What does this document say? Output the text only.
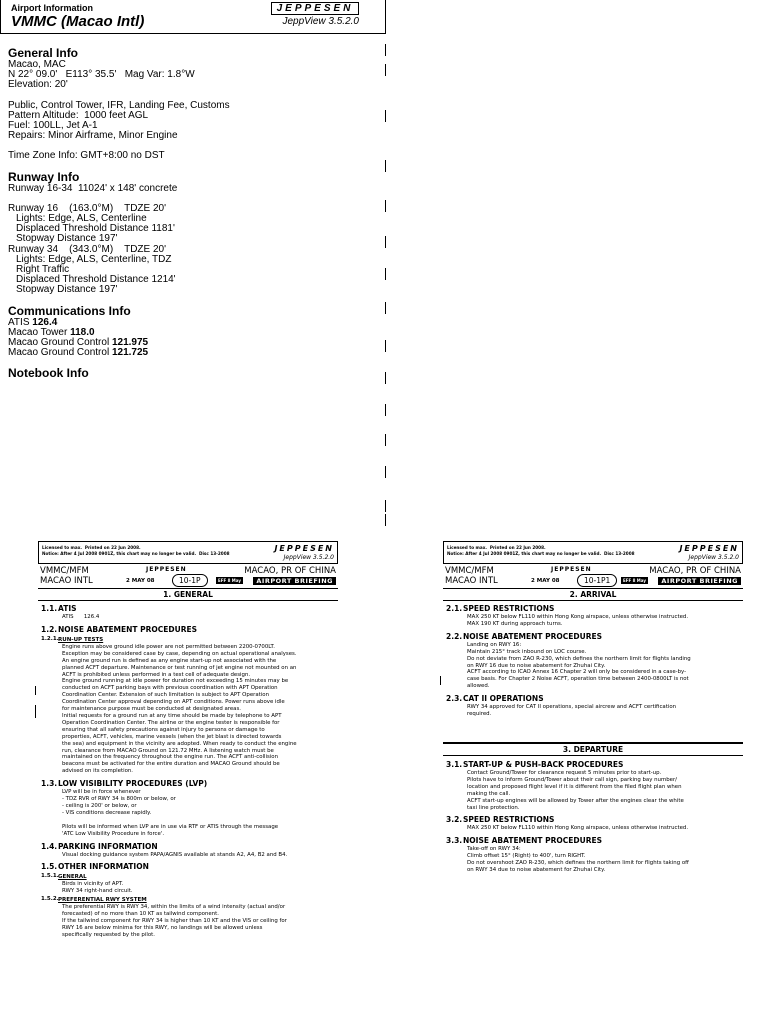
Airport Information
VMMC (Macao Intl)
JEPPESEN
JeppView 3.5.2.0
General Info
Macao, MAC
N 22° 09.0'   E113° 35.5'   Mag Var: 1.8°W
Elevation: 20'
Public, Control Tower, IFR, Landing Fee, Customs
Pattern Altitude:  1000 feet AGL
Fuel: 100LL, Jet A-1
Repairs: Minor Airframe, Minor Engine
Time Zone Info: GMT+8:00 no DST
Runway Info
Runway 16-34  11024' x 148' concrete
Runway 16    (163.0°M)    TDZE 20'
Lights: Edge, ALS, Centerline
Displaced Threshold Distance 1181'
Stopway Distance 197'
Runway 34    (343.0°M)    TDZE 20'
Lights: Edge, ALS, Centerline, TDZ
Right Traffic
Displaced Threshold Distance 1214'
Stopway Distance 197'
Communications Info
ATIS 126.4
Macao Tower 118.0
Macao Ground Control 121.975
Macao Ground Control 121.725
Notebook Info
Licensed to max.  Printed on 22 Jun 2008.
Notice: After 4 Jul 2008 0901Z, this chart may no longer be valid.  Disc 13-2008
JEPPESEN
JeppView 3.5.2.0
VMMC/MFM
MACAO INTL
JEPPESEN
2 MAY 08	10-1P	EFF 8 May
MACAO, PR OF CHINA
AIRPORT BRIEFING
1. GENERAL
1.1. ATIS
ATIS      126.4
1.2. NOISE ABATEMENT PROCEDURES
1.2.1. RUN-UP TESTS
Engine runs above ground idle power are not permitted between 2200-0700LT.
Exception may be considered case by case, depending on actual operational analyses.
An engine ground run is defined as any engine start-up not associated with the
planned ACFT departure. Maintenance or test running of jet engine not mounted on an
ACFT is prohibited unless performed in a test cell of adequate design.
Engine ground running at idle power for duration not exceeding 15 minutes may be
conducted on ACFT parking bays with previous coordination with APT Operation
Coordination Center. Extension of such limitation is subject to APT Operation
Coordination Center approval depending on APT conditions. Power runs above idle
for maintenance purpose must be conducted at designated areas.
Initial requests for a ground run at any time should be made by telephone to APT
Operation Coordination Center. The airline or the engine tester is responsible for
ensuring that all safety precautions against injury to persons or damage to
properties, ACFT, vehicles, marine vessels (when the jet blast is directed towards
the sea) and equipment in the vicinity are adopted. When ready to conduct the engine
run, clearance from MACAO Ground on 121.72 MHz. A listening watch must be
maintained on the frequency throughout the engine run. The ACFT anti-collision
beacons must be activated for the entire duration and MACAO Ground should be
advised on its completion.
1.3. LOW VISIBILITY PROCEDURES (LVP)
LVP will be in force whenever
- TDZ RVR of RWY 34 is 800m or below, or
- ceiling is 200' or below, or
- VIS conditions decrease rapidly.
Pilots will be informed when LVP are in use via RTF or ATIS through the message
'ATC Low Visibility Procedure in force'.
1.4. PARKING INFORMATION
Visual docking guidance system PAPA/AGNIS available at stands A2, A4, B2 and B4.
1.5. OTHER INFORMATION
1.5.1. GENERAL
Birds in vicinity of APT.
RWY 34 right-hand circuit.
1.5.2. PREFERENTIAL RWY SYSTEM
The preferential RWY is RWY 34, within the limits of a wind intensity (actual and/or
forecasted) of no more than 10 KT as tailwind component.
If the tailwind component for RWY 34 is higher than 10 KT and the VIS or ceiling for
RWY 16 are below minima for this RWY, no landings will be allowed unless
specifically requested by the pilot.
Licensed to max.  Printed on 22 Jun 2008.
Notice: After 4 Jul 2008 0901Z, this chart may no longer be valid.  Disc 13-2008
JEPPESEN
JeppView 3.5.2.0
VMMC/MFM
MACAO INTL
JEPPESEN
2 MAY 08	10-1P1	EFF 8 May
MACAO, PR OF CHINA
AIRPORT BRIEFING
2. ARRIVAL
2.1. SPEED RESTRICTIONS
MAX 250 KT below FL110 within Hong Kong airspace, unless otherwise instructed.
MAX 190 KT during approach turns.
2.2. NOISE ABATEMENT PROCEDURES
Landing on RWY 16:
Maintain 215° track inbound on LOC course.
Do not deviate from ZAO R-230, which defines the northern limit for flights landing
on RWY 16 due to noise abatement for Zhuhai City.
ACFT according to ICAO Annex 16 Chapter 2 will only be considered in a case-by-
case basis. For Chapter 2 Noise ACFT, operation time between 2400-0800LT is not
allowed.
2.3. CAT II OPERATIONS
RWY 34 approved for CAT II operations, special aircrew and ACFT certification
required.
3. DEPARTURE
3.1. START-UP & PUSH-BACK PROCEDURES
Contact Ground/Tower for clearance request 5 minutes prior to start-up.
Pilots have to inform Ground/Tower about their call sign, parking bay number/
location and proposed flight level if it is different from the filed flight plan when
making the call.
ACFT start-up engines will be allowed by Tower after the engines clear the white
taxi line protection.
3.2. SPEED RESTRICTIONS
MAX 250 KT below FL110 within Hong Kong airspace, unless otherwise instructed.
3.3. NOISE ABATEMENT PROCEDURES
Take-off on RWY 34:
Climb offset 15° (Right) to 400', turn RIGHT.
Do not overshoot ZAO R-230, which defines the northern limit for flights taking off
on RWY 34 due to noise abatement for Zhuhai City.
